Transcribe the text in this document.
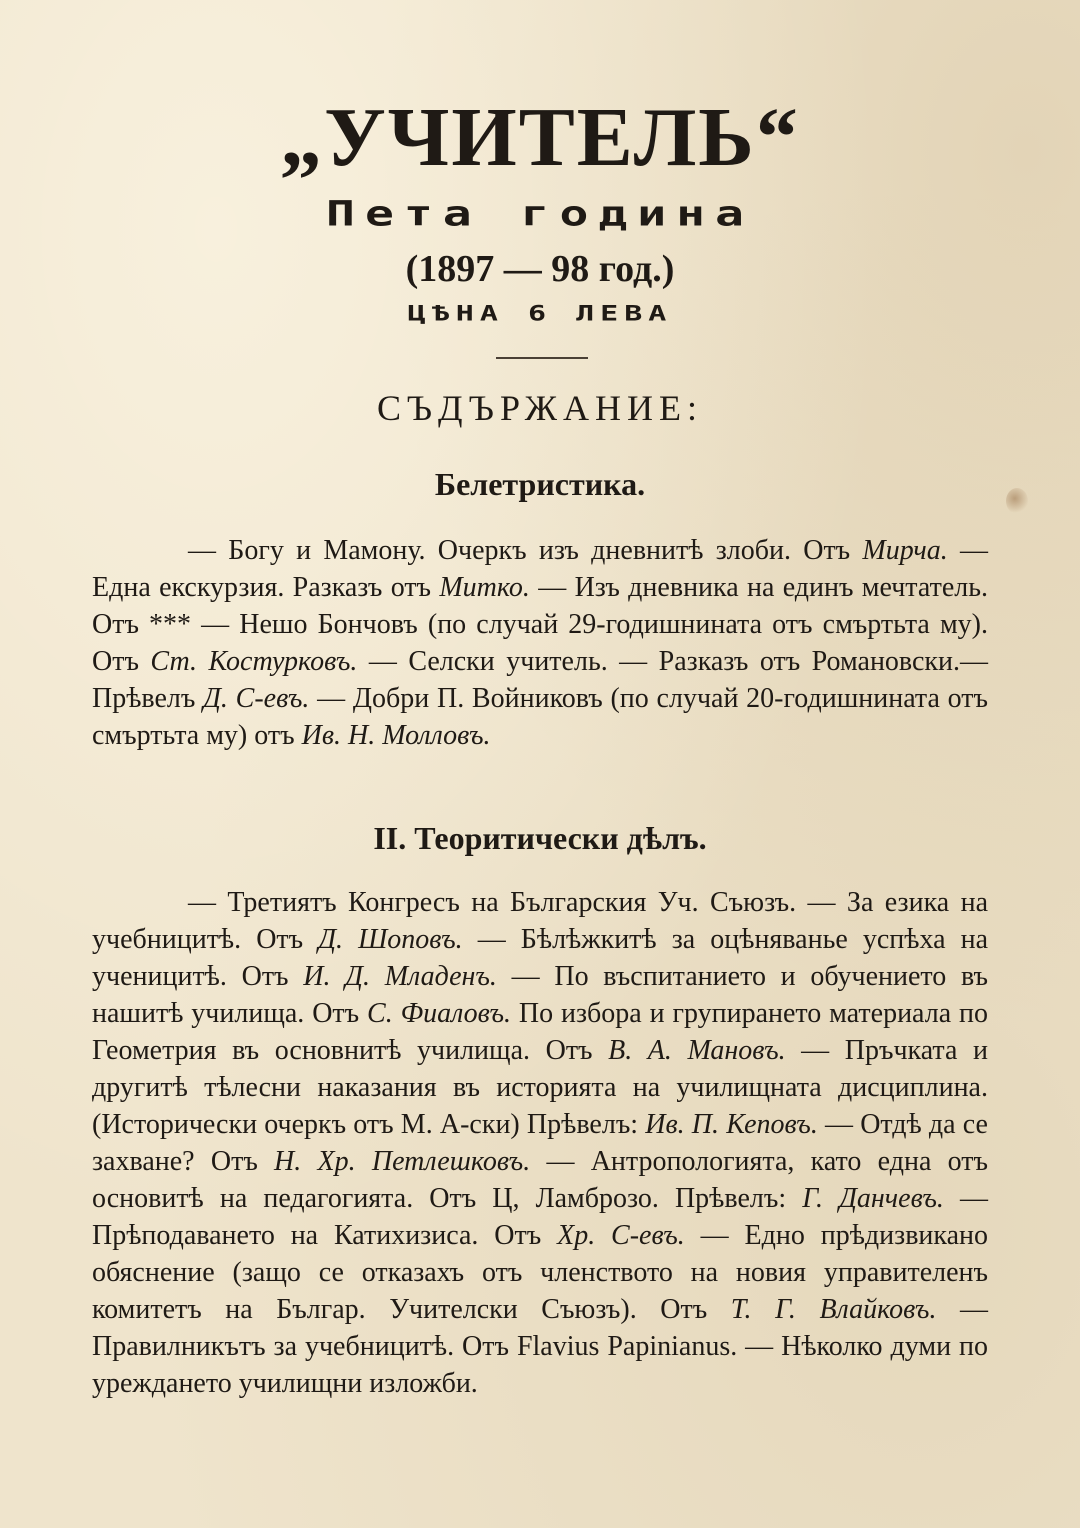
„УЧИТЕЛЬ“
Пета година
(1897 — 98 год.)
ЦѢНА 6 ЛЕВА
СЪДЪРЖАНИЕ:
Белетристика.

— Богу и Мамону. Очеркъ изъ дневнитѣ злоби. Отъ Мирча. — Една екскурзия. Разказъ отъ Митко. — Изъ дневника на единъ мечтатель. Отъ *** — Нешо Бончовъ (по случай 29-годишнината отъ смъртьта му). Отъ Ст. Костурковъ. — Селски учитель. — Разказъ отъ Романовски.— Прѣвелъ Д. С-евъ. — Добри П. Войниковъ (по случай 20-годишнината отъ смъртьта му) отъ Ив. Н. Молловъ.

II. Теоритически дѣлъ.

— Третиятъ Конгресъ на Българския Уч. Съюзъ. — За езика на учебницитѣ. Отъ Д. Шоповъ. — Бѣлѣжкитѣ за оцѣняванье успѣха на ученицитѣ. Отъ И. Д. Младенъ. — По въспитанието и обучението въ нашитѣ училища. Отъ С. Фиаловъ. По избора и групирането материала по Геометрия въ основнитѣ училища. Отъ В. А. Мановъ. — Пръчката и другитѣ тѣлесни наказания въ историята на училищната дисциплина. (Исторически очеркъ отъ М. А-ски) Прѣвелъ: Ив. П. Кеповъ. — Отдѣ да се захване? Отъ Н. Хр. Петлешковъ. — Антропологията, като една отъ основитѣ на педагогията. Отъ Ц, Ламброзо. Прѣвелъ: Г. Данчевъ. — Прѣподаването на Катихизиса. Отъ Хр. С-евъ. — Едно прѣдизвикано обяснение (защо се отказахъ отъ членството на новия управителенъ комитетъ на Българ. Учителски Съюзъ). Отъ Т. Г. Влайковъ. — Правилникътъ за учебницитѣ. Отъ Flavius Papinianus. — Нѣколко думи по уреждането училищни изложби.
